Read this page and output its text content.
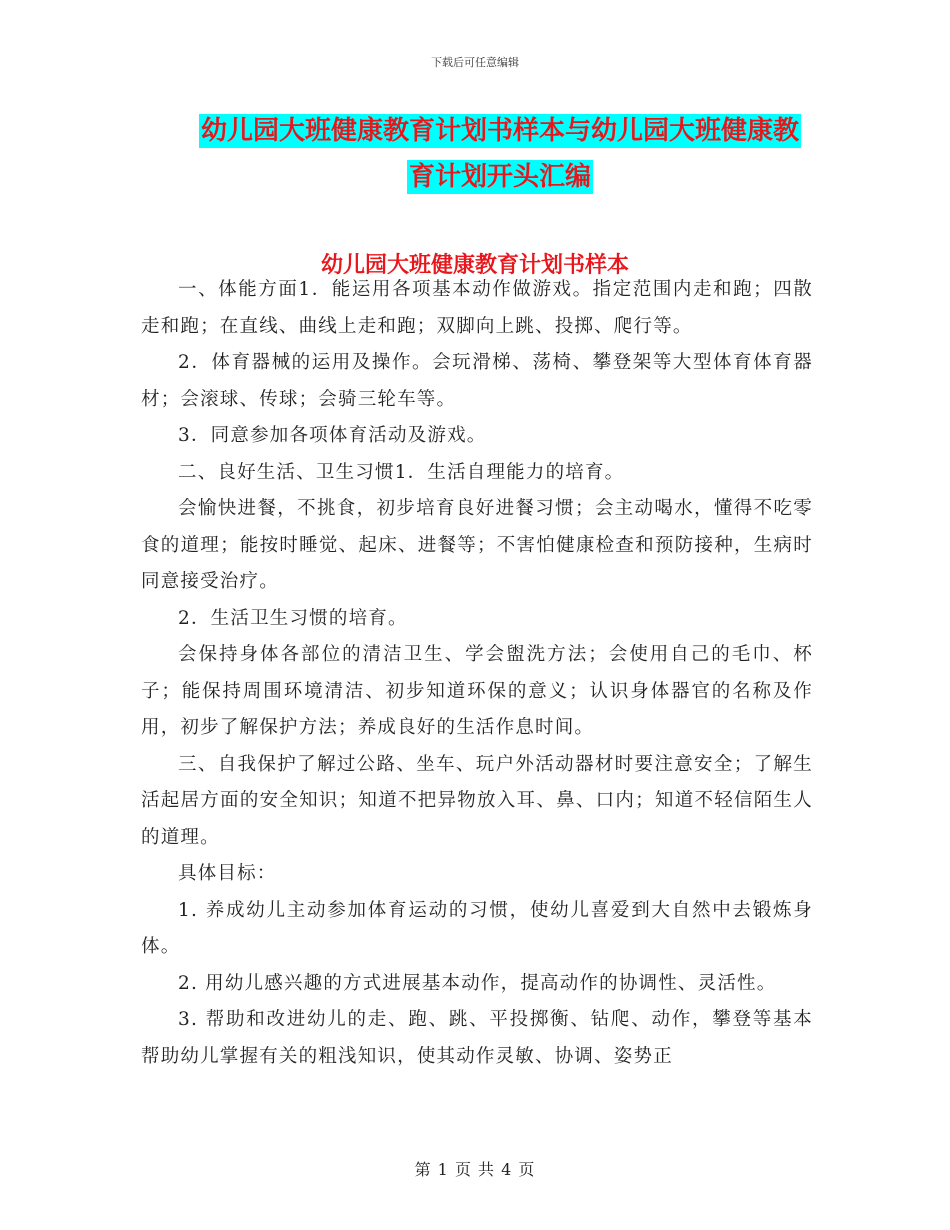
下载后可任意编辑
幼儿园大班健康教育计划书样本与幼儿园大班健康教
育计划开头汇编
幼儿园大班健康教育计划书样本

一、体能方面1．能运用各项基本动作做游戏。指定范围内走和跑；四散走和跑；在直线、曲线上走和跑；双脚向上跳、投掷、爬行等。

2．体育器械的运用及操作。会玩滑梯、荡椅、攀登架等大型体育体育器材；会滚球、传球；会骑三轮车等。

3．同意参加各项体育活动及游戏。

二、良好生活、卫生习惯1．生活自理能力的培育。

会愉快进餐，不挑食，初步培育良好进餐习惯；会主动喝水，懂得不吃零食的道理；能按时睡觉、起床、进餐等；不害怕健康检查和预防接种，生病时同意接受治疗。

2．生活卫生习惯的培育。

会保持身体各部位的清洁卫生、学会盥洗方法；会使用自己的毛巾、杯子；能保持周围环境清洁、初步知道环保的意义；认识身体器官的名称及作用，初步了解保护方法；养成良好的生活作息时间。

三、自我保护了解过公路、坐车、玩户外活动器材时要注意安全；了解生活起居方面的安全知识；知道不把异物放入耳、鼻、口内；知道不轻信陌生人的道理。

具体目标：

1. 养成幼儿主动参加体育运动的习惯，使幼儿喜爱到大自然中去锻炼身体。

2. 用幼儿感兴趣的方式进展基本动作，提高动作的协调性、灵活性。

3. 帮助和改进幼儿的走、跑、跳、平投掷衡、钻爬、动作，攀登等基本帮助幼儿掌握有关的粗浅知识，使其动作灵敏、协调、姿势正

第 1 页 共 4 页
